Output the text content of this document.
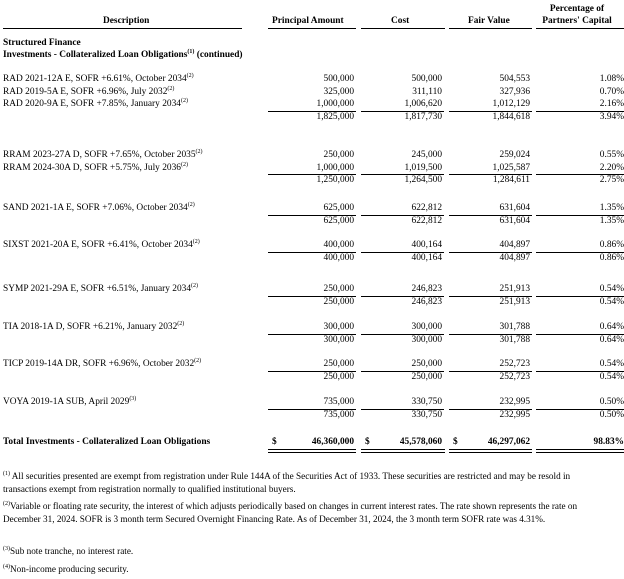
Description	Principal Amount	Cost	Fair Value
Percentage of
Partners' Capital
Structured Finance
Investments - Collateralized Loan Obligations$^{(1)}$ (continued)
RAD 2021-12A E, SOFR +6.61%, October 2034$^{(2)}$	500,000	500,000	504,553	1.08%
RAD 2019-5A E, SOFR +6.96%, July 2032$^{(2)}$	325,000	311,110	327,936	0.70%
RAD 2020-9A E, SOFR +7.85%, January 2034$^{(2)}$	1,000,000	1,006,620	1,012,129	2.16%
1,825,000	1,817,730	1,844,618	3.94%
RRAM 2023-27A D, SOFR +7.65%, October 2035$^{(2)}$	250,000	245,000	259,024	0.55%
RRAM 2024-30A D, SOFR +5.75%, July 2036$^{(2)}$	1,000,000	1,019,500	1,025,587	2.20%
1,250,000	1,264,500	1,284,611	2.75%
SAND 2021-1A E, SOFR +7.06%, October 2034$^{(2)}$	625,000	622,812	631,604	1.35%
625,000	622,812	631,604	1.35%
SIXST 2021-20A E, SOFR +6.41%, October 2034$^{(2)}$	400,000	400,164	404,897	0.86%
400,000	400,164	404,897	0.86%
SYMP 2021-29A E, SOFR +6.51%, January 2034$^{(2)}$	250,000	246,823	251,913	0.54%
250,000	246,823	251,913	0.54%
TIA 2018-1A D, SOFR +6.21%, January 2032$^{(2)}$	300,000	300,000	301,788	0.64%
300,000	300,000	301,788	0.64%
TICP 2019-14A DR, SOFR +6.96%, October 2032$^{(2)}$	250,000	250,000	252,723	0.54%
250,000	250,000	252,723	0.54%
VOYA 2019-1A SUB, April 2029$^{(3)}$	735,000	330,750	232,995	0.50%
735,000	330,750	232,995	0.50%
Total Investments - Collateralized Loan Obligations	$	46,360,000 $	45,578,060 $	46,297,062	98.83%
$^{(1)}$ All securities presented are exempt from registration under Rule 144A of the Securities Act of 1933. These securities are restricted and may be resold in transactions exempt from registration normally to qualified institutional buyers.
$^{(2)}$Variable or floating rate security, the interest of which adjusts periodically based on changes in current interest rates. The rate shown represents the rate on December 31, 2024. SOFR is 3 month term Secured Overnight Financing Rate. As of December 31, 2024, the 3 month term SOFR rate was 4.31%.
$^{(3)}$Sub note tranche, no interest rate.
$^{(4)}$Non-income producing security.
